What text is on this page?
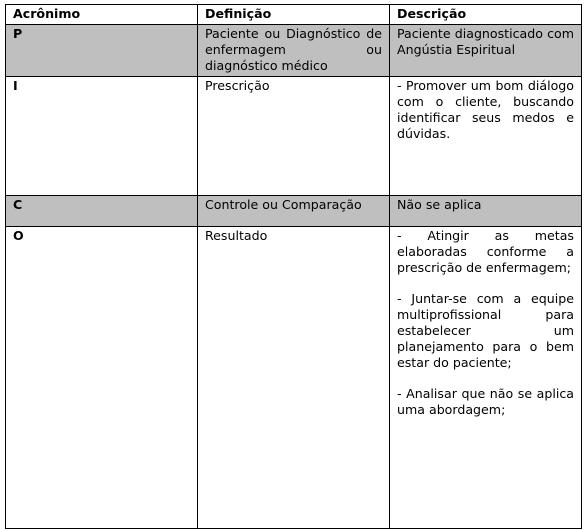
Acrônimo	Definição	Descrição
P	Paciente ou Diagnóstico de enfermagem ou diagnóstico médico	Paciente diagnosticado com Angústia Espiritual

I	Prescrição	- Promover um bom diálogo com o cliente, buscando identificar seus medos e dúvidas.

C	Controle ou Comparação	Não se aplica

O	Resultado	- Atingir as metas elaboradas conforme a prescrição de enfermagem;
- Juntar-se com a equipe multiprofissional para estabelecer um planejamento para o bem estar do paciente;
- Analisar que não se aplica uma abordagem;
